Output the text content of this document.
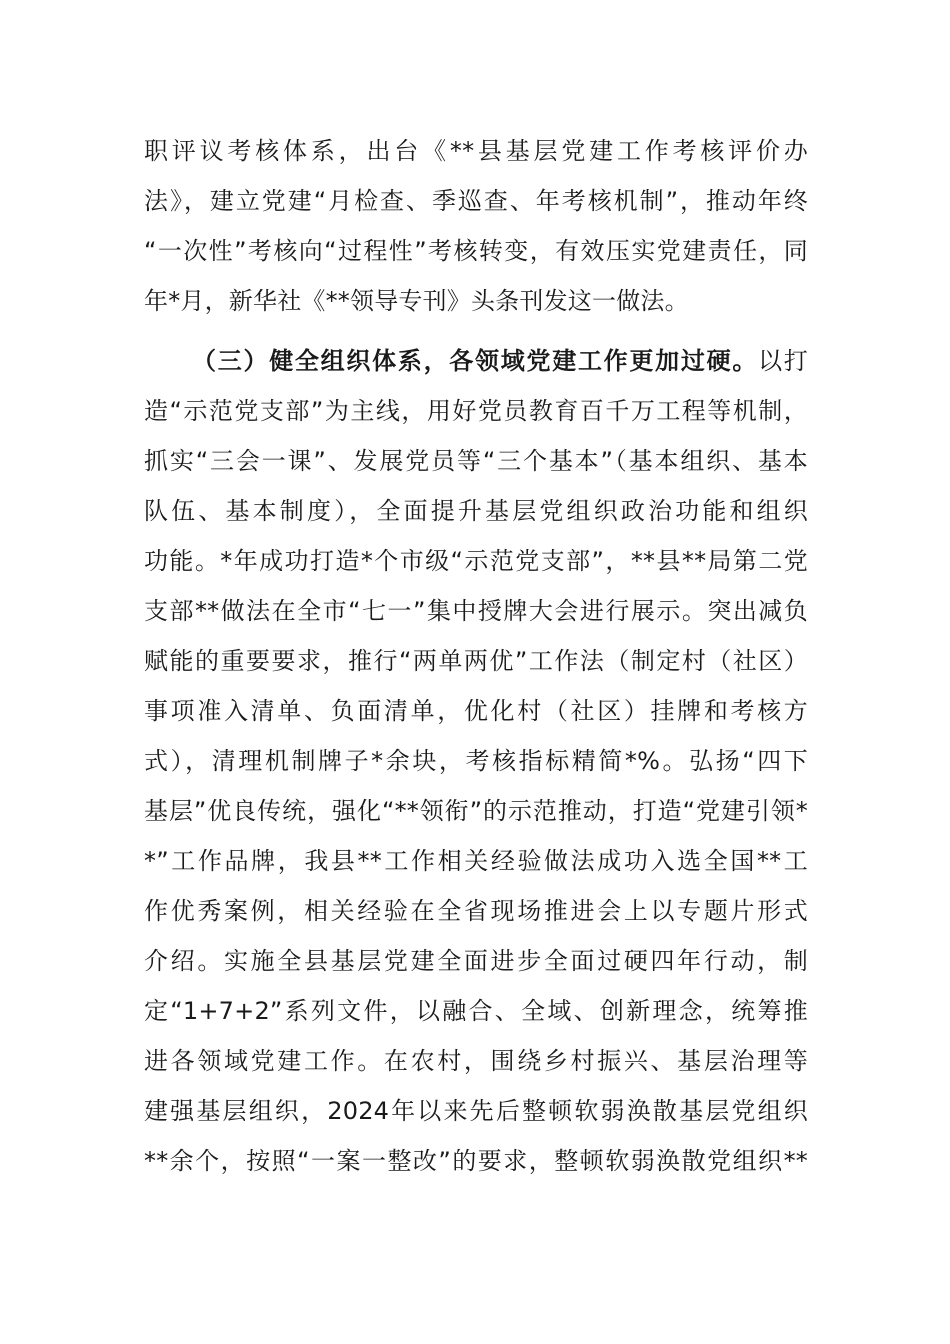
职评议考核体系，出台《**县基层党建工作考核评价办
法》，建立党建“月检查、季巡查、年考核机制”，推动年终
“一次性”考核向“过程性”考核转变，有效压实党建责任，同
年*月，新华社《**领导专刊》头条刊发这一做法。
（三）健全组织体系，各领域党建工作更加过硬。以打
造“示范党支部”为主线，用好党员教育百千万工程等机制，
抓实“三会一课”、发展党员等“三个基本”（基本组织、基本
队伍、基本制度），全面提升基层党组织政治功能和组织
功能。*年成功打造*个市级“示范党支部”，**县**局第二党
支部**做法在全市“七一”集中授牌大会进行展示。突出减负
赋能的重要要求，推行“两单两优”工作法（制定村（社区）
事项准入清单、负面清单，优化村（社区）挂牌和考核方
式），清理机制牌子*余块，考核指标精简*%。弘扬“四下
基层”优良传统，强化“**领衔”的示范推动，打造“党建引领*
*”工作品牌，我县**工作相关经验做法成功入选全国**工
作优秀案例，相关经验在全省现场推进会上以专题片形式
介绍。实施全县基层党建全面进步全面过硬四年行动，制
定“1+7+2”系列文件，以融合、全域、创新理念，统筹推
进各领域党建工作。在农村，围绕乡村振兴、基层治理等
建强基层组织，2024年以来先后整顿软弱涣散基层党组织
**余个，按照“一案一整改”的要求，整顿软弱涣散党组织**
